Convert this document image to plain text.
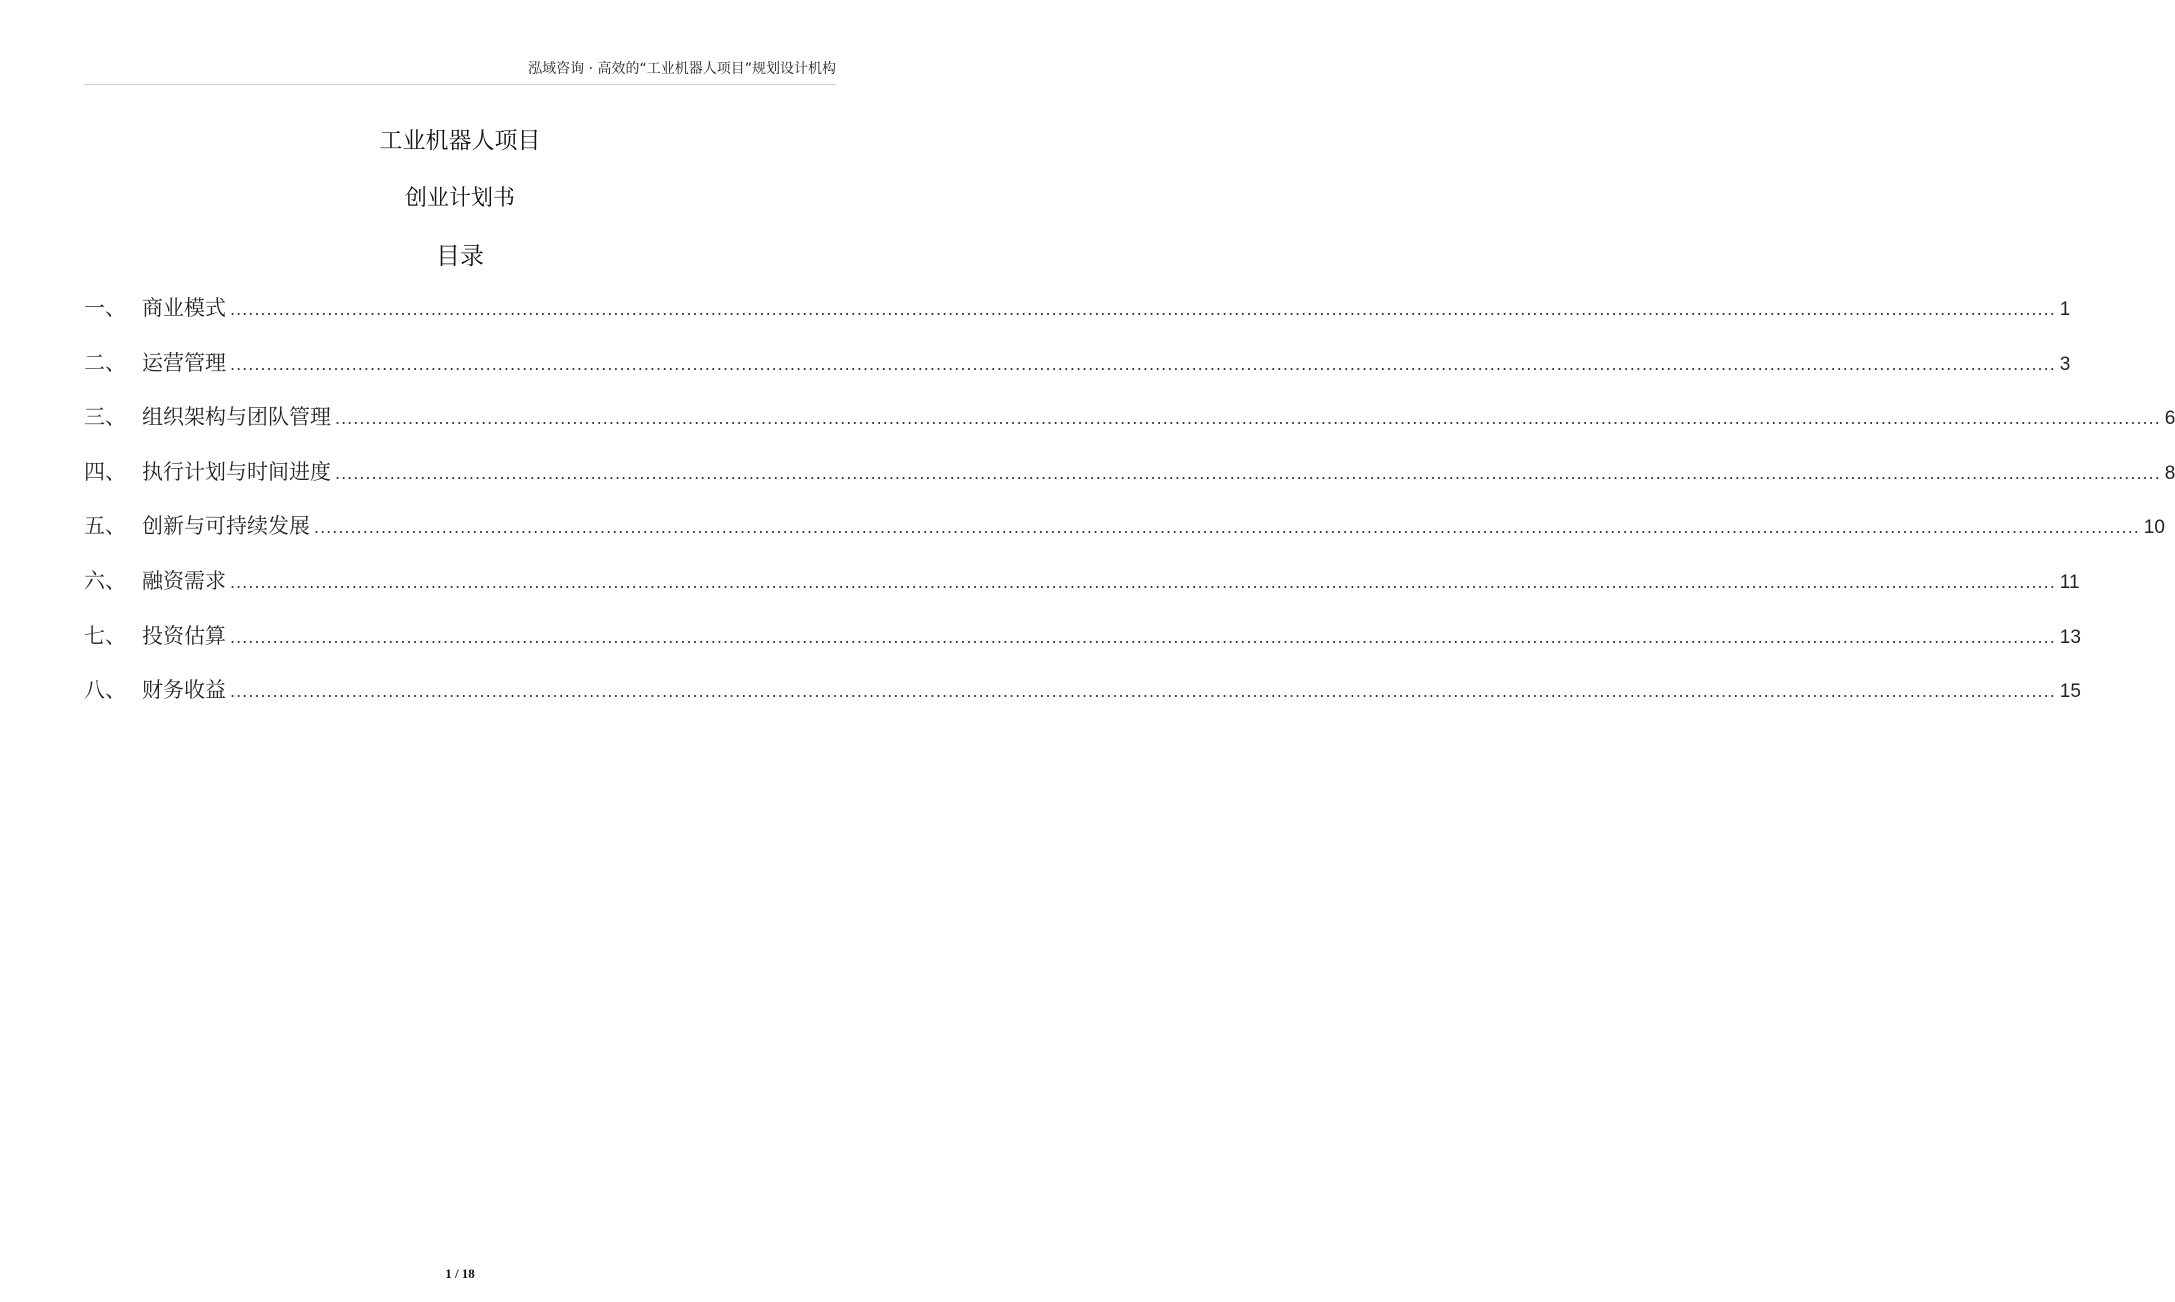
泓域咨询 · 高效的“工业机器人项目”规划设计机构
工业机器人项目
创业计划书
目录
一、 商业模式 ............................................................................................................................................................................................................................................................................................................ 1
二、 运营管理 ............................................................................................................................................................................................................................................................................................................ 3
三、 组织架构与团队管理 ............................................................................................................................................................................................................................................................................................................ 6
四、 执行计划与时间进度 ............................................................................................................................................................................................................................................................................................................ 8
五、 创新与可持续发展 ............................................................................................................................................................................................................................................................................................................ 10
六、 融资需求 ............................................................................................................................................................................................................................................................................................................ 11
七、 投资估算 ............................................................................................................................................................................................................................................................................................................ 13
八、 财务收益 ............................................................................................................................................................................................................................................................................................................ 15
1 / 18
